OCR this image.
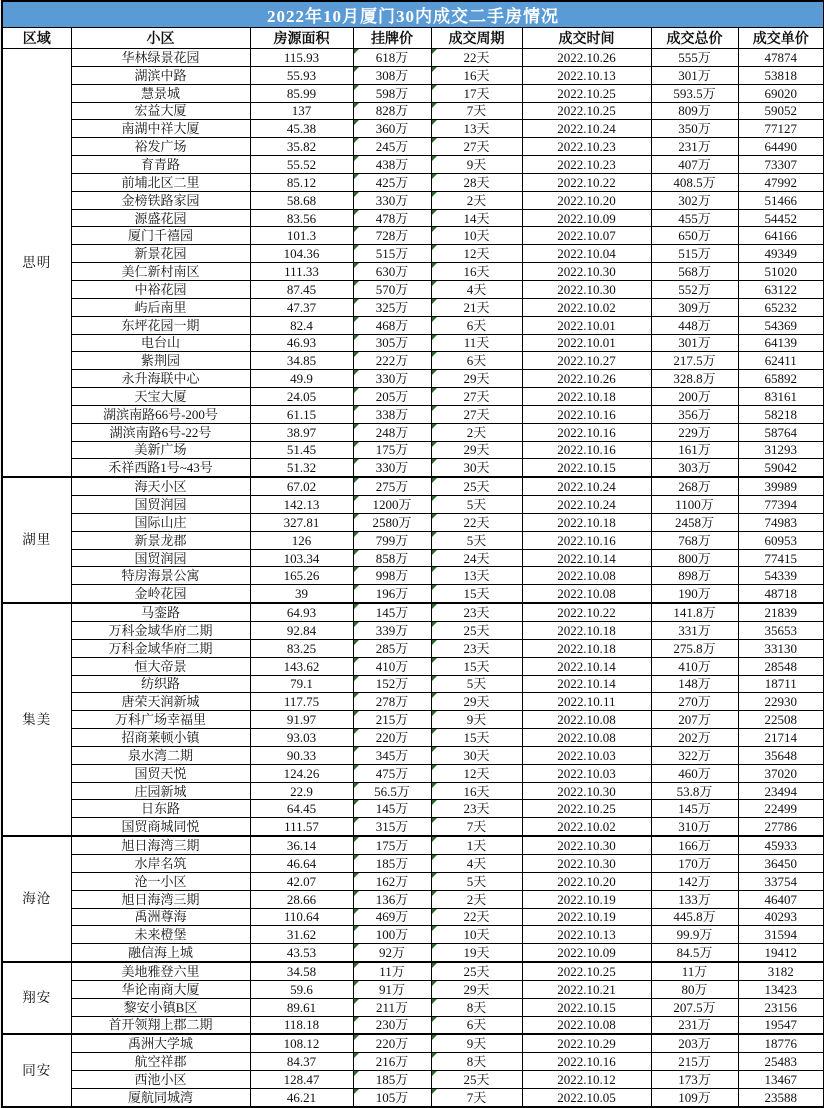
2022年10月厦门30内成交二手房情况							
区域	小区	房源面积	挂牌价	成交周期	成交时间	成交总价	成交单价
思明	华林绿景花园	115.93	618万	22天	2022.10.26	555万	47874
	湖滨中路	55.93	308万	16天	2022.10.13	301万	53818
	慧景城	85.99	598万	17天	2022.10.25	593.5万	69020
	宏益大厦	137	828万	7天	2022.10.25	809万	59052
	南湖中祥大厦	45.38	360万	13天	2022.10.24	350万	77127
	裕发广场	35.82	245万	27天	2022.10.23	231万	64490
	育青路	55.52	438万	9天	2022.10.23	407万	73307
	前埔北区二里	85.12	425万	28天	2022.10.22	408.5万	47992
	金榜铁路家园	58.68	330万	2天	2022.10.20	302万	51466
	源盛花园	83.56	478万	14天	2022.10.09	455万	54452
	厦门千禧园	101.3	728万	10天	2022.10.07	650万	64166
	新景花园	104.36	515万	12天	2022.10.04	515万	49349
	美仁新村南区	111.33	630万	16天	2022.10.30	568万	51020
	中裕花园	87.45	570万	4天	2022.10.30	552万	63122
	屿后南里	47.37	325万	21天	2022.10.02	309万	65232
	东坪花园一期	82.4	468万	6天	2022.10.01	448万	54369
	电台山	46.93	305万	11天	2022.10.01	301万	64139
	紫荆园	34.85	222万	6天	2022.10.27	217.5万	62411
	永升海联中心	49.9	330万	29天	2022.10.26	328.8万	65892
	天宝大厦	24.05	205万	27天	2022.10.18	200万	83161
	湖滨南路66号-200号	61.15	338万	27天	2022.10.16	356万	58218
	湖滨南路6号-22号	38.97	248万	2天	2022.10.16	229万	58764
	美新广场	51.45	175万	29天	2022.10.16	161万	31293
	禾祥西路1号~43号	51.32	330万	30天	2022.10.15	303万	59042
湖里	海天小区	67.02	275万	25天	2022.10.24	268万	39989
	国贸润园	142.13	1200万	5天	2022.10.24	1100万	77394
	国际山庄	327.81	2580万	22天	2022.10.18	2458万	74983
	新景龙郡	126	799万	5天	2022.10.16	768万	60953
	国贸润园	103.34	858万	24天	2022.10.14	800万	77415
	特房海景公寓	165.26	998万	13天	2022.10.08	898万	54339
	金岭花园	39	196万	15天	2022.10.08	190万	48718
集美	马銮路	64.93	145万	23天	2022.10.22	141.8万	21839
	万科金域华府二期	92.84	339万	25天	2022.10.18	331万	35653
	万科金域华府二期	83.25	285万	23天	2022.10.18	275.8万	33130
	恒大帝景	143.62	410万	15天	2022.10.14	410万	28548
	纺织路	79.1	152万	5天	2022.10.14	148万	18711
	唐荣天润新城	117.75	278万	29天	2022.10.11	270万	22930
	万科广场幸福里	91.97	215万	9天	2022.10.08	207万	22508
	招商莱顿小镇	93.03	220万	15天	2022.10.08	202万	21714
	泉水湾二期	90.33	345万	30天	2022.10.03	322万	35648
	国贸天悦	124.26	475万	12天	2022.10.03	460万	37020
	庄园新城	22.9	56.5万	16天	2022.10.30	53.8万	23494
	日东路	64.45	145万	23天	2022.10.25	145万	22499
	国贸商城同悦	111.57	315万	7天	2022.10.02	310万	27786
海沧	旭日海湾三期	36.14	175万	1天	2022.10.30	166万	45933
	水岸名筑	46.64	185万	4天	2022.10.30	170万	36450
	沧一小区	42.07	162万	5天	2022.10.20	142万	33754
	旭日海湾三期	28.66	136万	2天	2022.10.19	133万	46407
	禹洲尊海	110.64	469万	22天	2022.10.19	445.8万	40293
	未来橙堡	31.62	100万	10天	2022.10.13	99.9万	31594
	融信海上城	43.53	92万	19天	2022.10.09	84.5万	19412
翔安	美地雅登六里	34.58	11万	25天	2022.10.25	11万	3182
	华论南商大厦	59.6	91万	29天	2022.10.21	80万	13423
	黎安小镇B区	89.61	211万	8天	2022.10.15	207.5万	23156
	首开领翔上郡二期	118.18	230万	6天	2022.10.08	231万	19547
同安	禹洲大学城	108.12	220万	9天	2022.10.29	203万	18776
	航空祥郡	84.37	216万	8天	2022.10.16	215万	25483
	西池小区	128.47	185万	25天	2022.10.12	173万	13467
	厦航同城湾	46.21	105万	7天	2022.10.05	109万	23588
